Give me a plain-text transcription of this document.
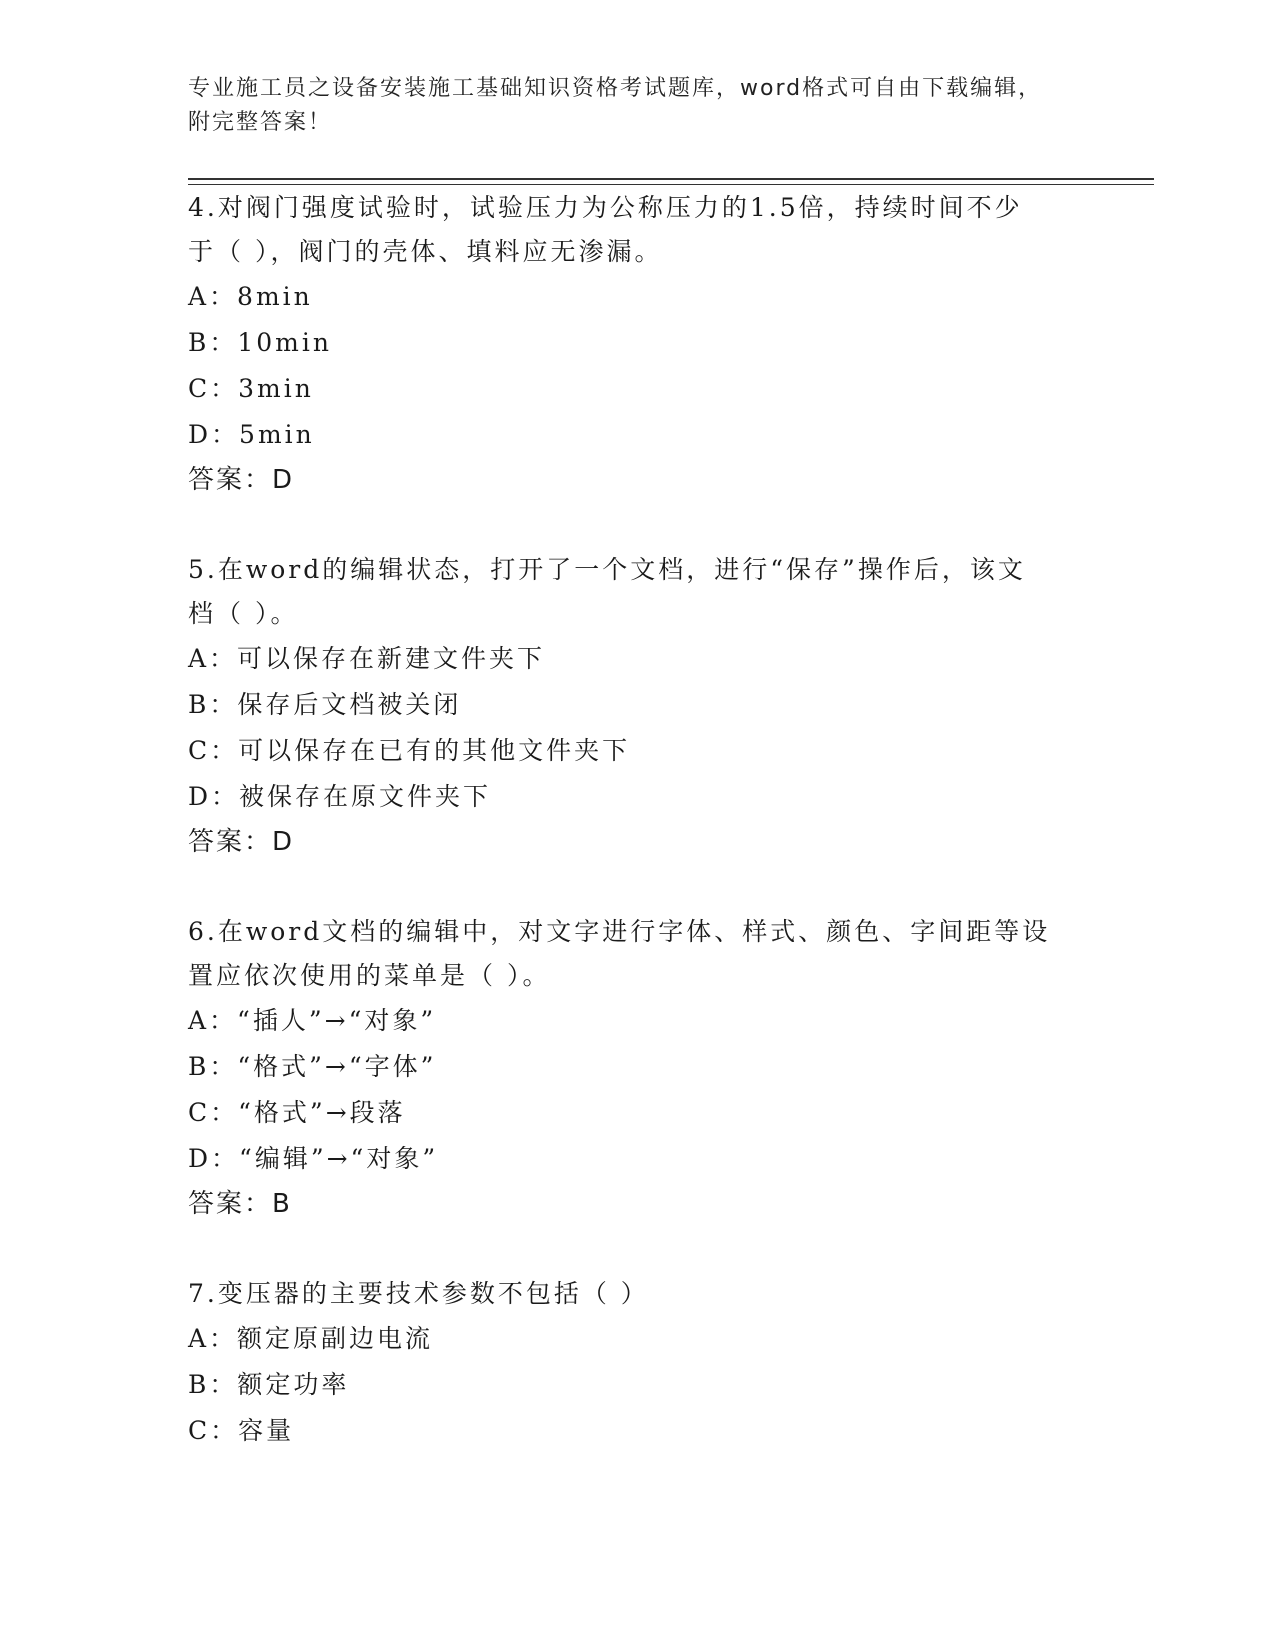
专业施工员之设备安装施工基础知识资格考试题库，word格式可自由下载编辑，
附完整答案！

4.对阀门强度试验时，试验压力为公称压力的1.5倍，持续时间不少

于（ ），阀门的壳体、填料应无渗漏。

A：8min

B：10min

C：3min

D：5min

答案：D

5.在word的编辑状态，打开了一个文档，进行“保存”操作后，该文

档（ ）。

A：可以保存在新建文件夹下

B：保存后文档被关闭

C：可以保存在已有的其他文件夹下

D：被保存在原文件夹下

答案：D

6.在word文档的编辑中，对文字进行字体、样式、颜色、字间距等设

置应依次使用的菜单是（ ）。

A：“插人”→“对象”

B：“格式”→“字体”

C：“格式”→段落

D：“编辑”→“对象”

答案：B

7.变压器的主要技术参数不包括（ ）

A：额定原副边电流

B：额定功率

C：容量
